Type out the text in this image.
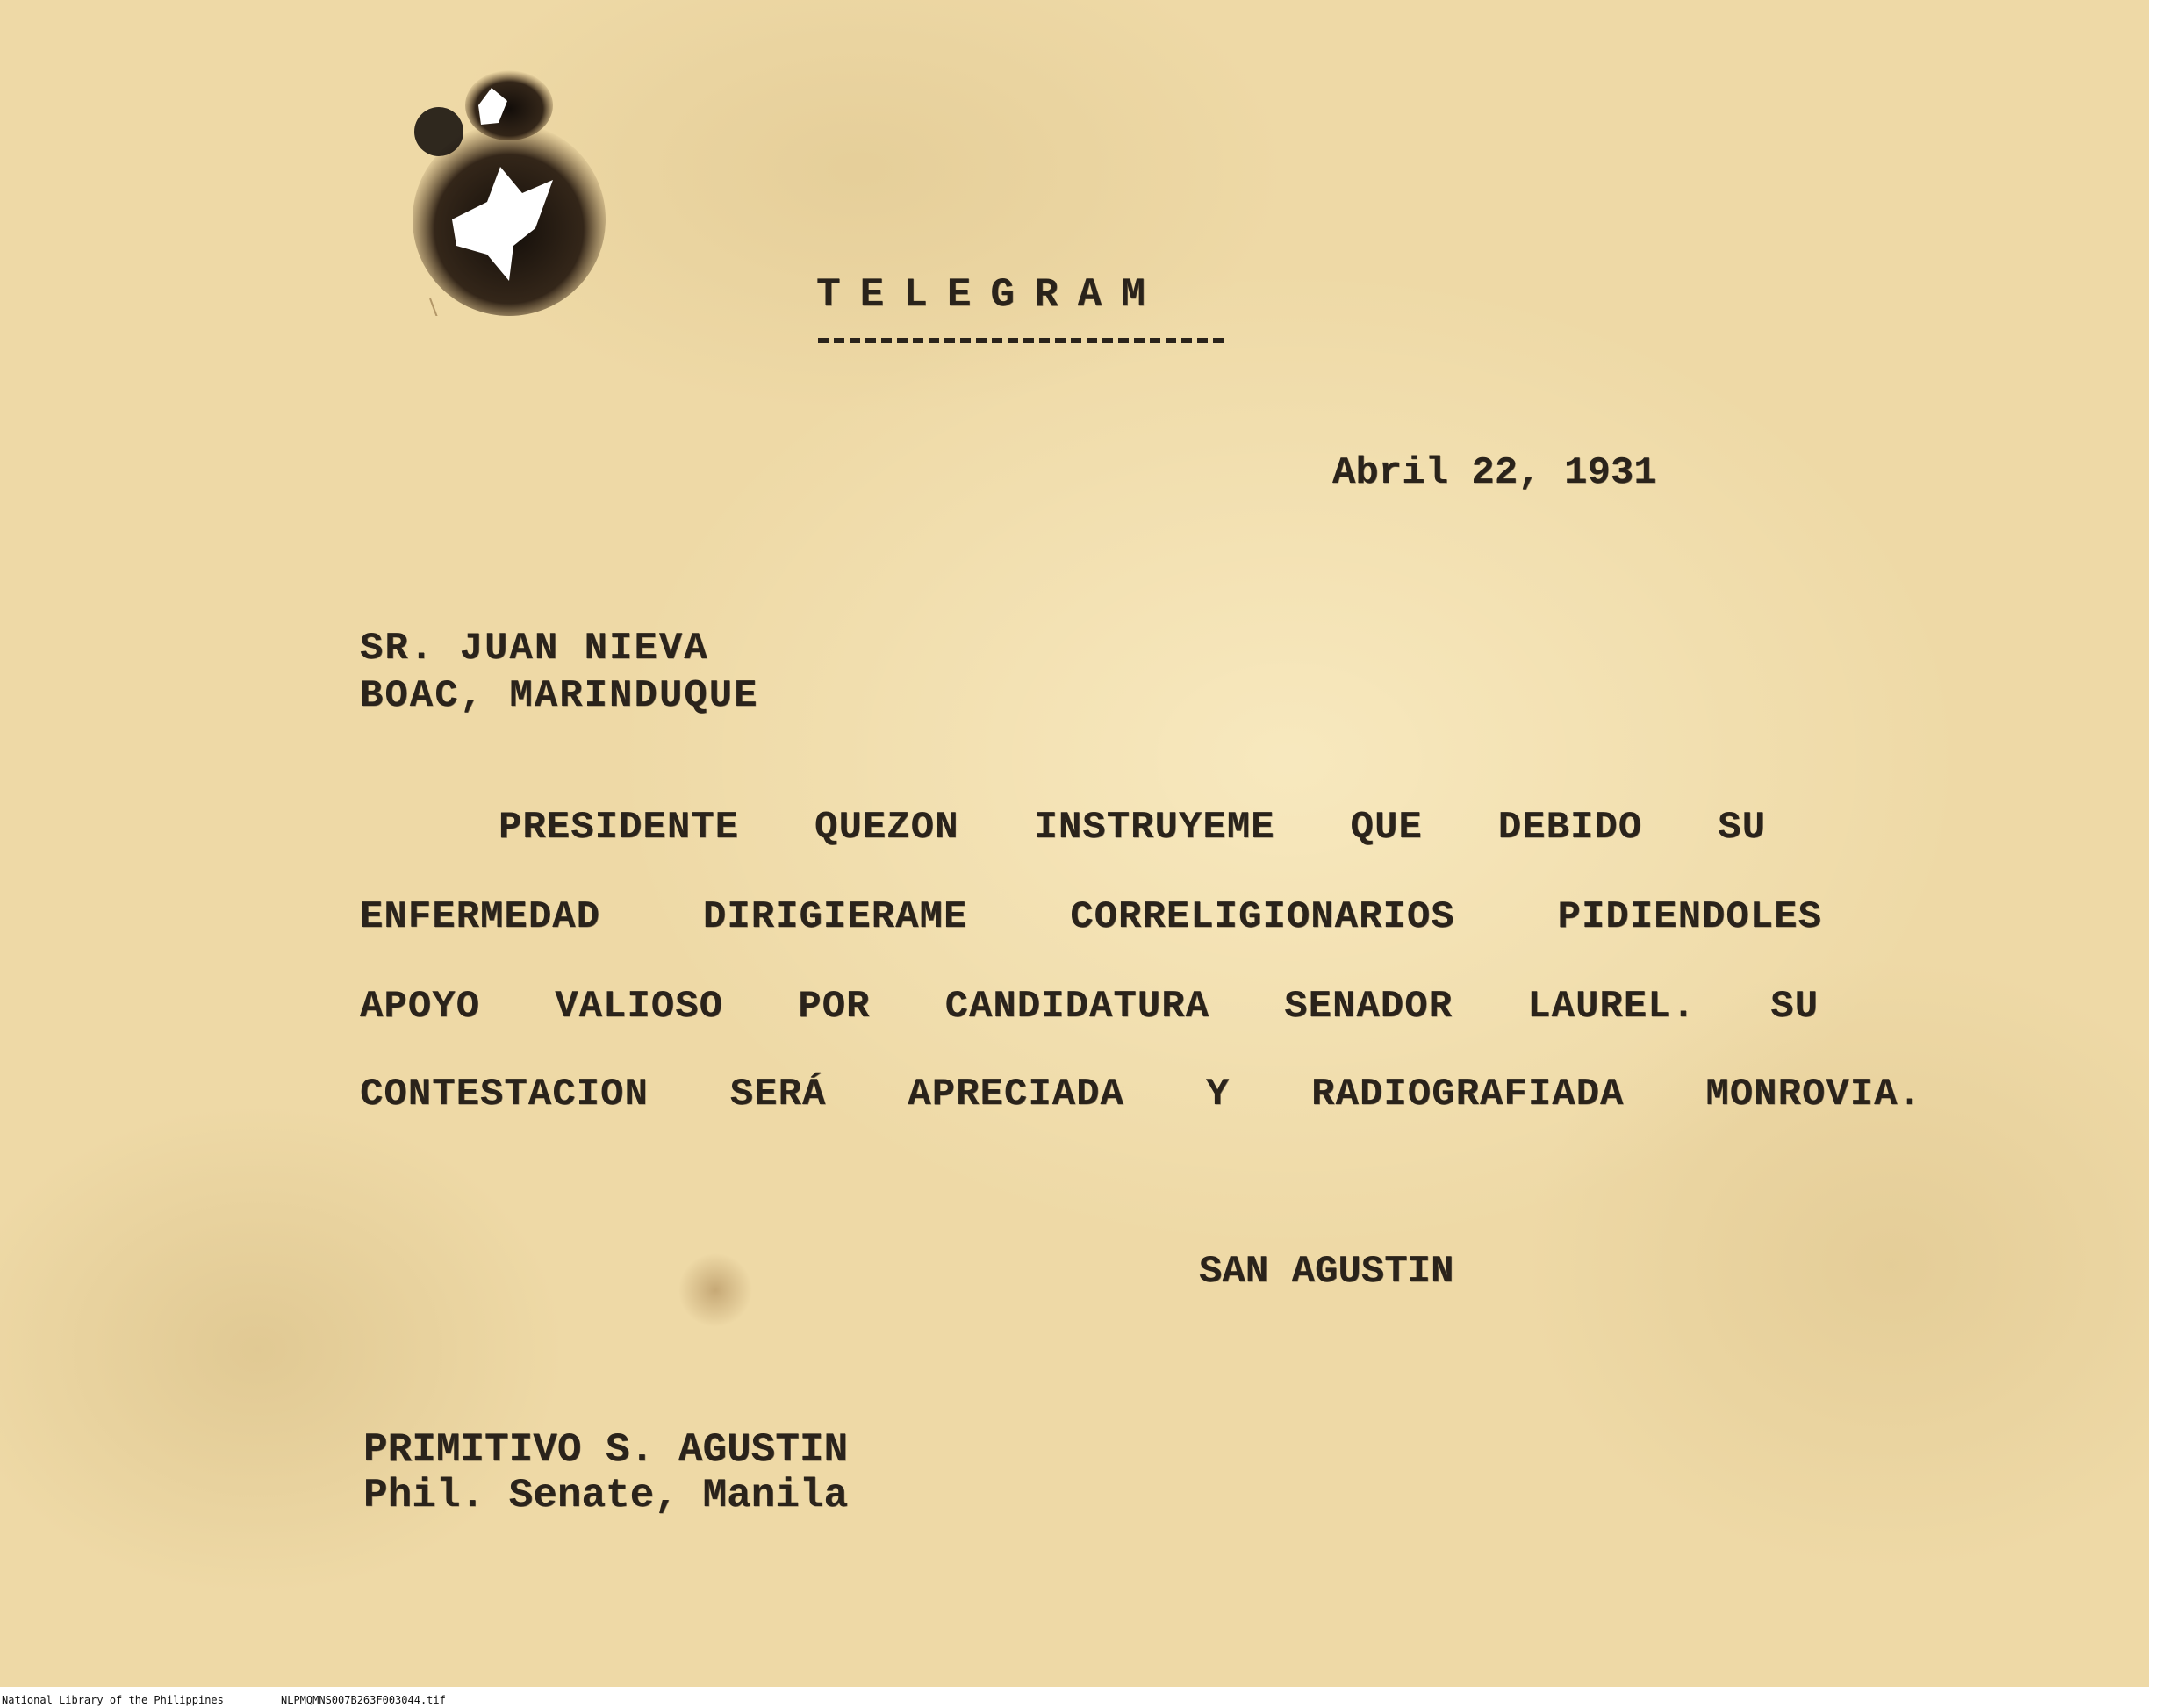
TELEGRAM
Abril 22, 1931
SR. JUAN NIEVA
BOAC, MARINDUQUE
PRESIDENTE QUEZON INSTRUYEME QUE DEBIDO SU
ENFERMEDAD DIRIGIERAME CORRELIGIONARIOS PIDIENDOLES
APOYO VALIOSO POR CANDIDATURA SENADOR LAUREL. SU
CONTESTACION SERÁ APRECIADA Y RADIOGRAFIADA MONROVIA.
SAN AGUSTIN
PRIMITIVO S. AGUSTIN
Phil. Senate, Manila
National Library of the Philippines	NLPMQMNS007B263F003044.tif
